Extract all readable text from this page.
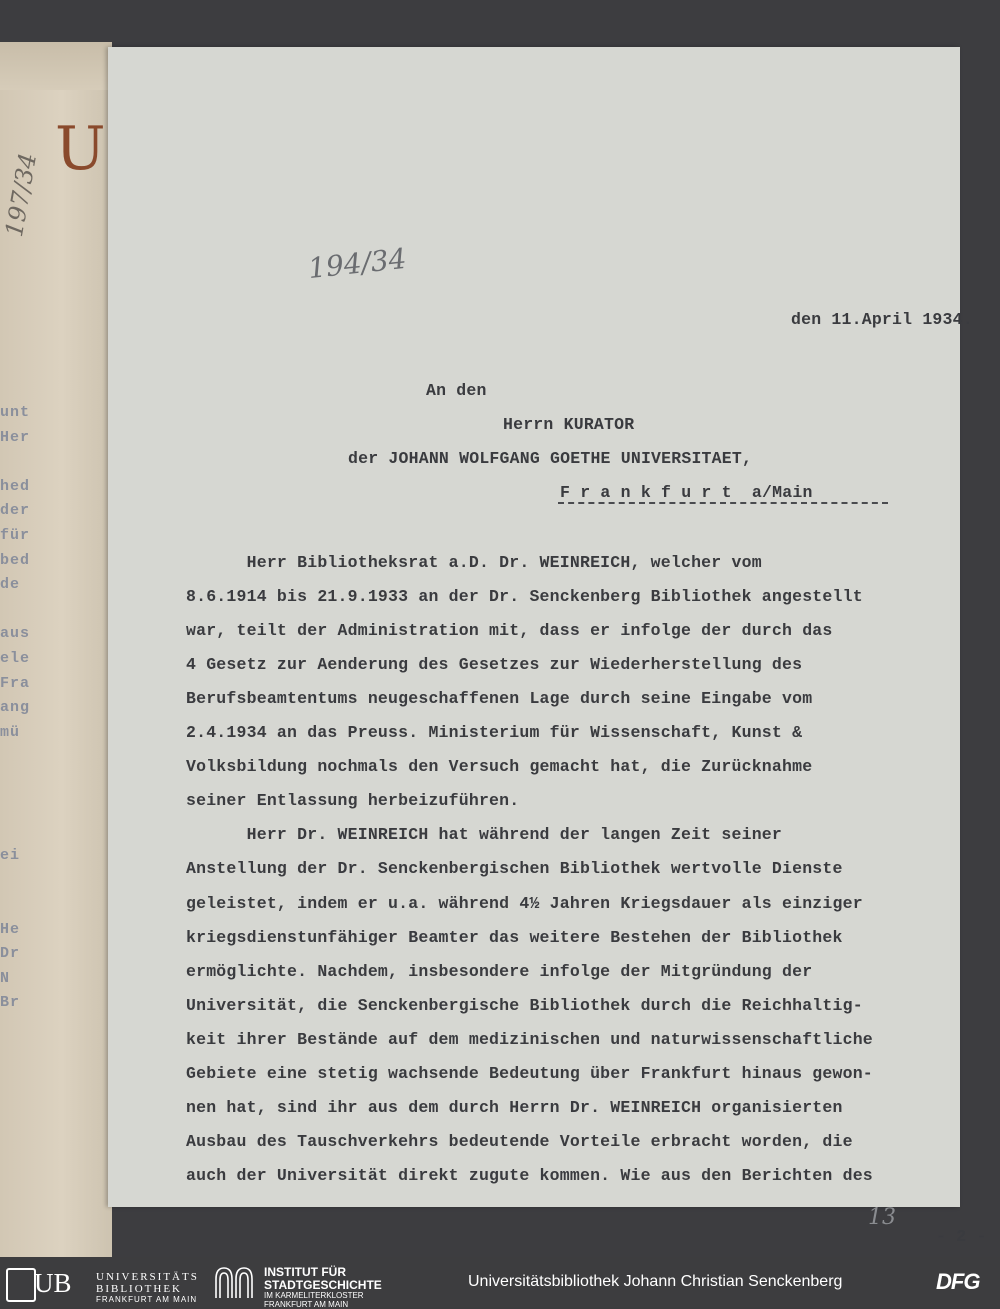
U
197/34
unt
Her
hed
der
für
bed
de
aus
ele
Fra
ang
mü
ei
He
Dr
N
Br
194/34
den 11.April 1934.
An den
Herrn KURATOR
der JOHANN WOLFGANG GOETHE UNIVERSITAET,
F r a n k f u r t  a/Main
Herr Bibliotheksrat a.D. Dr. WEINREICH, welcher vom
8.6.1914 bis 21.9.1933 an der Dr. Senckenberg Bibliothek angestellt
war, teilt der Administration mit, dass er infolge der durch das
4 Gesetz zur Aenderung des Gesetzes zur Wiederherstellung des
Berufsbeamtentums neugeschaffenen Lage durch seine Eingabe vom
2.4.1934 an das Preuss. Ministerium für Wissenschaft, Kunst &
Volksbildung nochmals den Versuch gemacht hat, die Zurücknahme
seiner Entlassung herbeizuführen.
Herr Dr. WEINREICH hat während der langen Zeit seiner
Anstellung der Dr. Senckenbergischen Bibliothek wertvolle Dienste
geleistet, indem er u.a. während 4½ Jahren Kriegsdauer als einziger
kriegsdienstunfähiger Beamter das weitere Bestehen der Bibliothek
ermöglichte. Nachdem, insbesondere infolge der Mitgründung der
Universität, die Senckenbergische Bibliothek durch die Reichhaltig-
keit ihrer Bestände auf dem medizinischen und naturwissenschaftliche
Gebiete eine stetig wachsende Bedeutung über Frankfurt hinaus gewon-
nen hat, sind ihr aus dem durch Herrn Dr. WEINREICH organisierten
Ausbau des Tauschverkehrs bedeutende Vorteile erbracht worden, die
auch der Universität direkt zugute kommen. Wie aus den Berichten des
13
- 2 -
UB UNIVERSITÄTS
BIBLIOTHEK
FRANKFURT AM MAIN
INSTITUT FÜR
STADTGESCHICHTE
IM KARMELITERKLOSTER
FRANKFURT AM MAIN
Universitätsbibliothek Johann Christian Senckenberg	DFG
